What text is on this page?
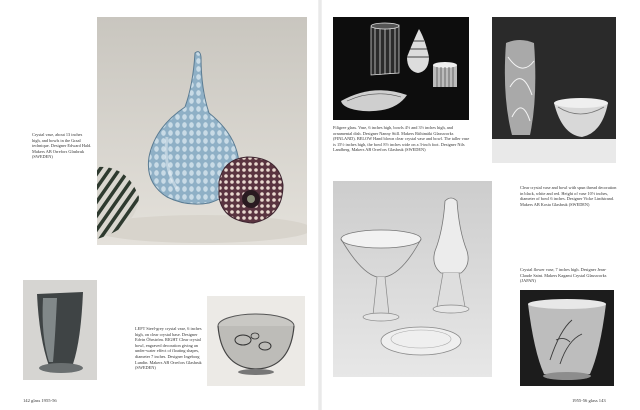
Crystal vase, about 13 inches high, and bowls in the Graal technique. Designer Edward Hald. Makers AB Orrefors Glasbruk (SWEDEN)

LEFT Steel-grey crystal vase, 6 inches high, on clear crystal base. Designer Edvin Öhrström. RIGHT Clear crystal bowl, engraved decoration giving an under-water effect of floating shapes, diameter 7 inches. Designer Ingeborg Lundin. Makers AB Orrefors Glasbruk (SWEDEN)

142 glass 1955-56

Filigree glass. Vase, 6 inches high, bowls 4½ and 3½ inches high, and ornamental dish. Designer Nanny Still. Makers Riihimäki Glassworks (FINLAND). BELOW Hand blown clear crystal vase and bowl. The taller vase is 15½ inches high, the bowl 8½ inches wide on a 3-inch foot. Designer Nils Landberg. Makers AB Orrefors Glasbruk (SWEDEN)

Clear crystal vase and bowl with spun thread decoration in black, white and red. Height of vase 10½ inches, diameter of bowl 6 inches. Designer Vicke Lindstrand. Makers AB Kosta Glasbruk (SWEDEN)

Crystal flower vase, 7 inches high. Designer Jean-Claude Saint. Makers Kagami Crystal Glassworks (JAPAN)

1955-56 glass 143
